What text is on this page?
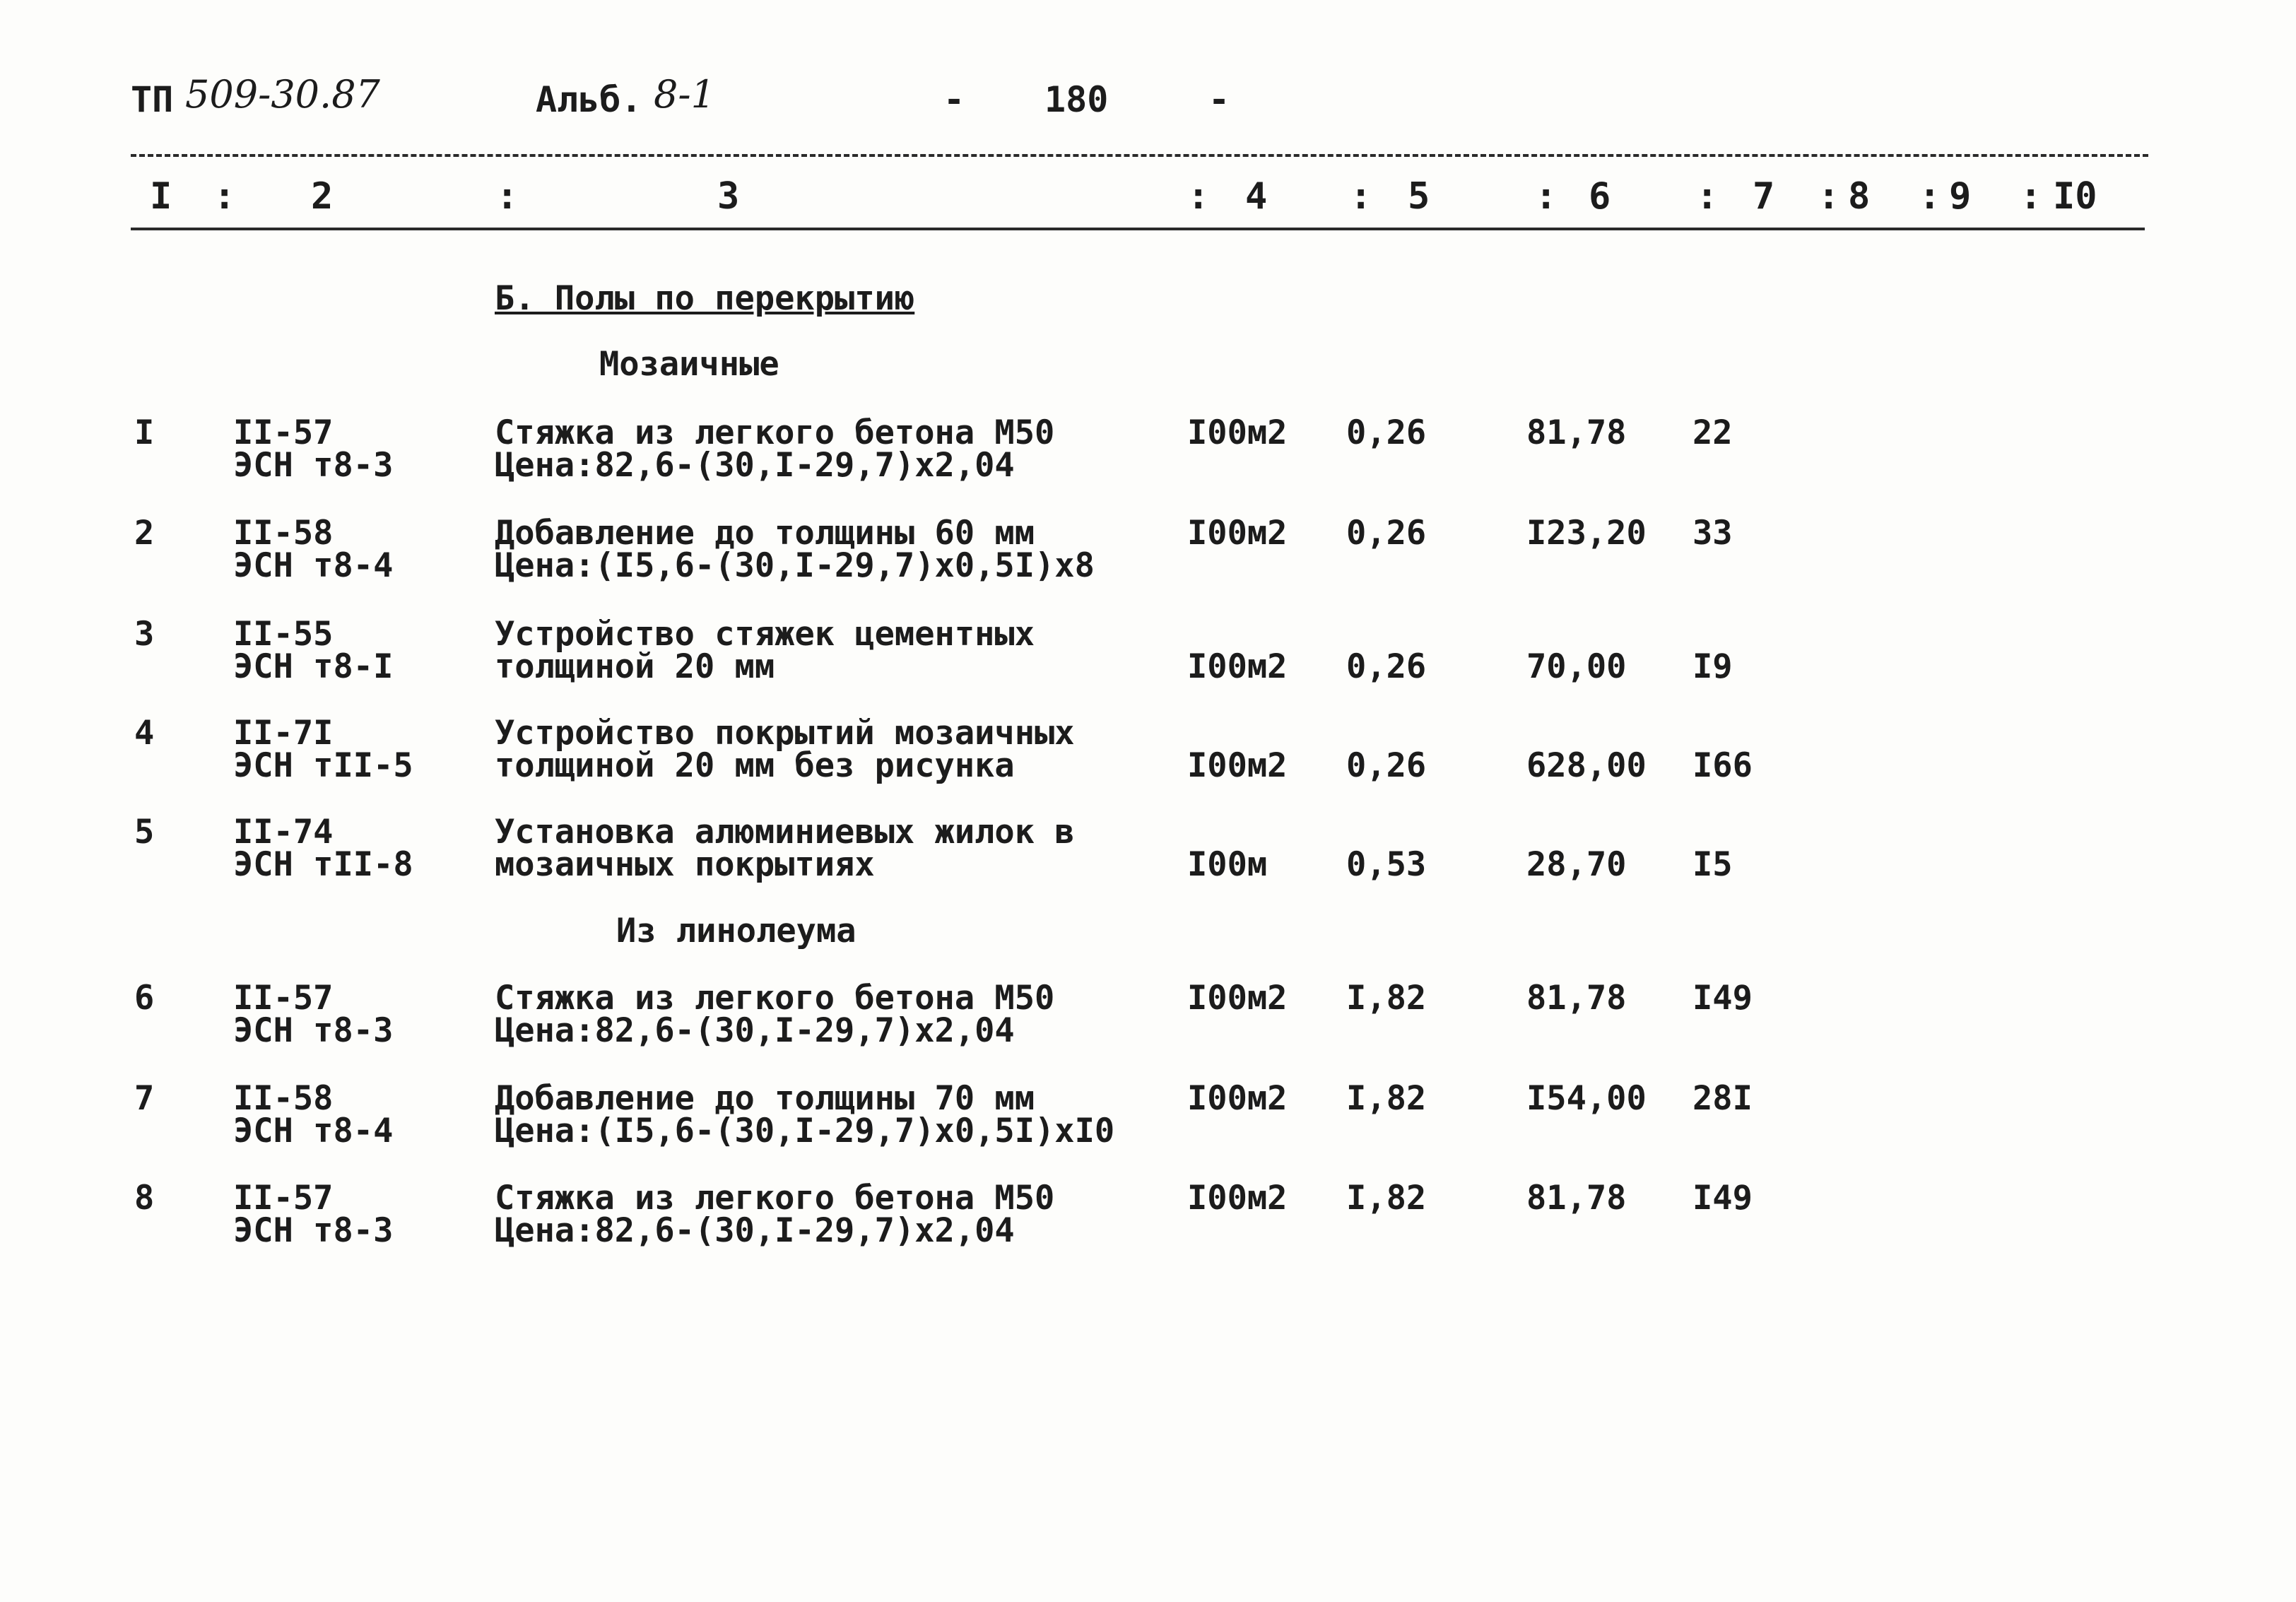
ТП 509-30.87	Альб. 8-1	- 180	-
I : 2	:	3	: 4 : 5	: 6 : 7 : 8 : 9 : I0
Б. Полы по перекрытию
Мозаичные
I II-57
ЭСН т8-3
Стяжка из легкого бетона М50
Цена:82,6-(30,I-29,7)x2,04
I00м2 0,26	81,78 22
2 II-58
ЭСН т8-4
Добавление до толщины 60 мм
Цена:(I5,6-(30,I-29,7)x0,5I)x8
I00м2 0,26	I23,20 33
3 II-55
ЭСН т8-I
Устройство стяжек цементных
толщиной 20 мм	I00м2 0,26	70,00 I9
4 II-7I
ЭСН тII-5
Устройство покрытий мозаичных
толщиной 20 мм без рисунка	I00м2 0,26	628,00 I66
5 II-74
ЭСН тII-8
Установка алюминиевых жилок в
мозаичных покрытиях	I00м 0,53	28,70 I5
Из линолеума
6 II-57
ЭСН т8-3
Стяжка из легкого бетона М50
Цена:82,6-(30,I-29,7)x2,04
I00м2 I,82	81,78 I49
7 II-58
ЭСН т8-4
Добавление до толщины 70 мм
Цена:(I5,6-(30,I-29,7)x0,5I)xI0
I00м2 I,82	I54,00 28I
8 II-57
ЭСН т8-3
Стяжка из легкого бетона М50
Цена:82,6-(30,I-29,7)x2,04
I00м2 I,82	81,78 I49
